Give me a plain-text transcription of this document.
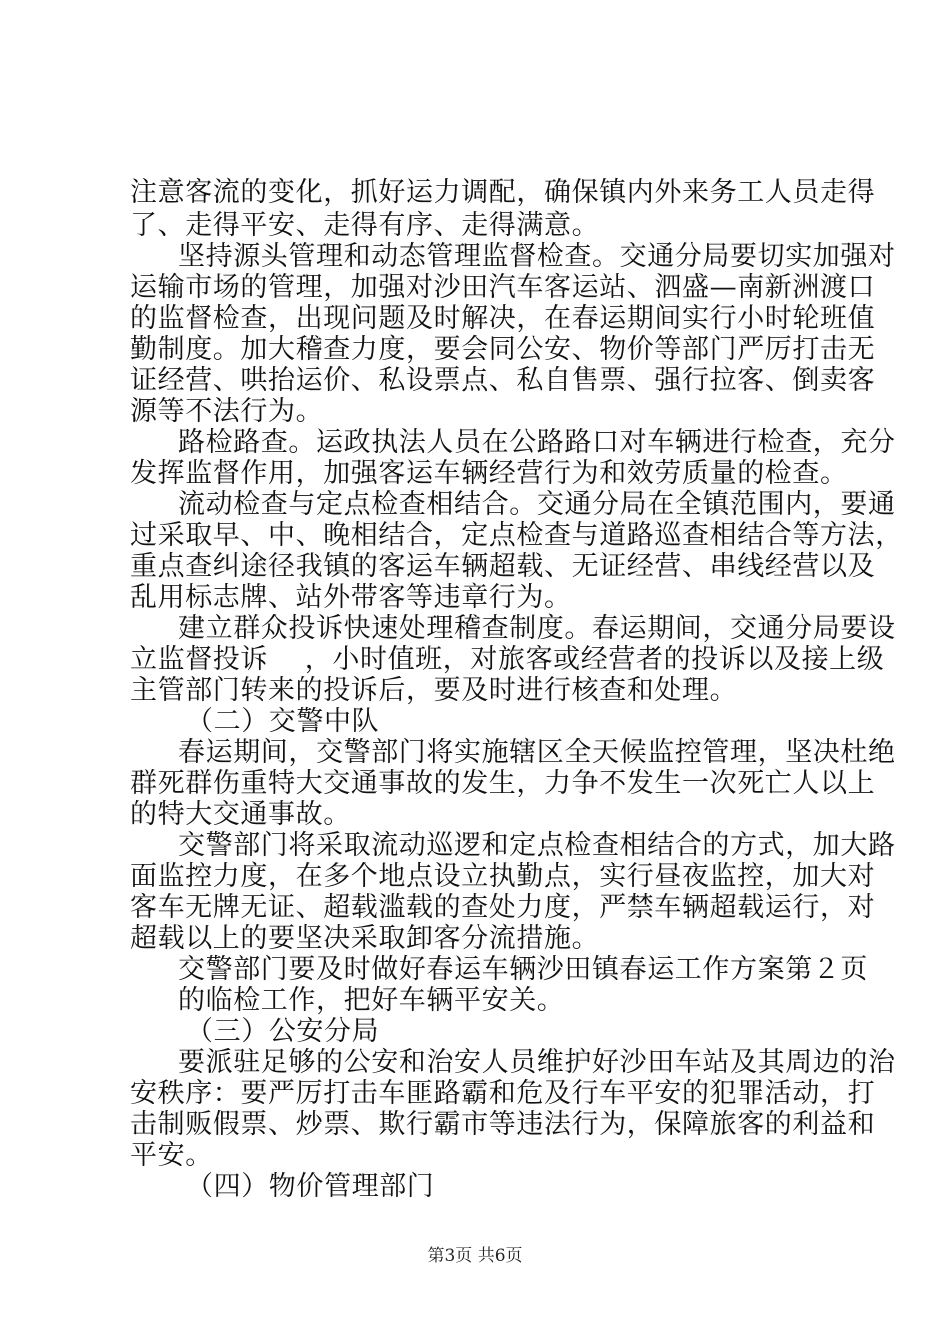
注意客流的变化，抓好运力调配，确保镇内外来务工人员走得
了、走得平安、走得有序、走得满意。
坚持源头管理和动态管理监督检查。交通分局要切实加强对
运输市场的管理，加强对沙田汽车客运站、泗盛—南新洲渡口
的监督检查，出现问题及时解决，在春运期间实行小时轮班值
勤制度。加大稽查力度，要会同公安、物价等部门严厉打击无
证经营、哄抬运价、私设票点、私自售票、强行拉客、倒卖客
源等不法行为。
路检路查。运政执法人员在公路路口对车辆进行检查，充分
发挥监督作用，加强客运车辆经营行为和效劳质量的检查。
流动检查与定点检查相结合。交通分局在全镇范围内，要通
过采取早、中、晚相结合，定点检查与道路巡查相结合等方法，
重点查纠途径我镇的客运车辆超载、无证经营、串线经营以及
乱用标志牌、站外带客等违章行为。
建立群众投诉快速处理稽查制度。春运期间，交通分局要设
立监督投诉　 ，小时值班，对旅客或经营者的投诉以及接上级
主管部门转来的投诉后，要及时进行核查和处理。
（二）交警中队
春运期间，交警部门将实施辖区全天候监控管理，坚决杜绝
群死群伤重特大交通事故的发生，力争不发生一次死亡人以上
的特大交通事故。
交警部门将采取流动巡逻和定点检查相结合的方式，加大路
面监控力度，在多个地点设立执勤点，实行昼夜监控，加大对
客车无牌无证、超载滥载的查处力度，严禁车辆超载运行，对
超载以上的要坚决采取卸客分流措施。
交警部门要及时做好春运车辆沙田镇春运工作方案第２页
的临检工作，把好车辆平安关。
（三）公安分局
要派驻足够的公安和治安人员维护好沙田车站及其周边的治
安秩序：要严厉打击车匪路霸和危及行车平安的犯罪活动，打
击制贩假票、炒票、欺行霸市等违法行为，保障旅客的利益和
平安。
（四）物价管理部门
第3页 共6页
